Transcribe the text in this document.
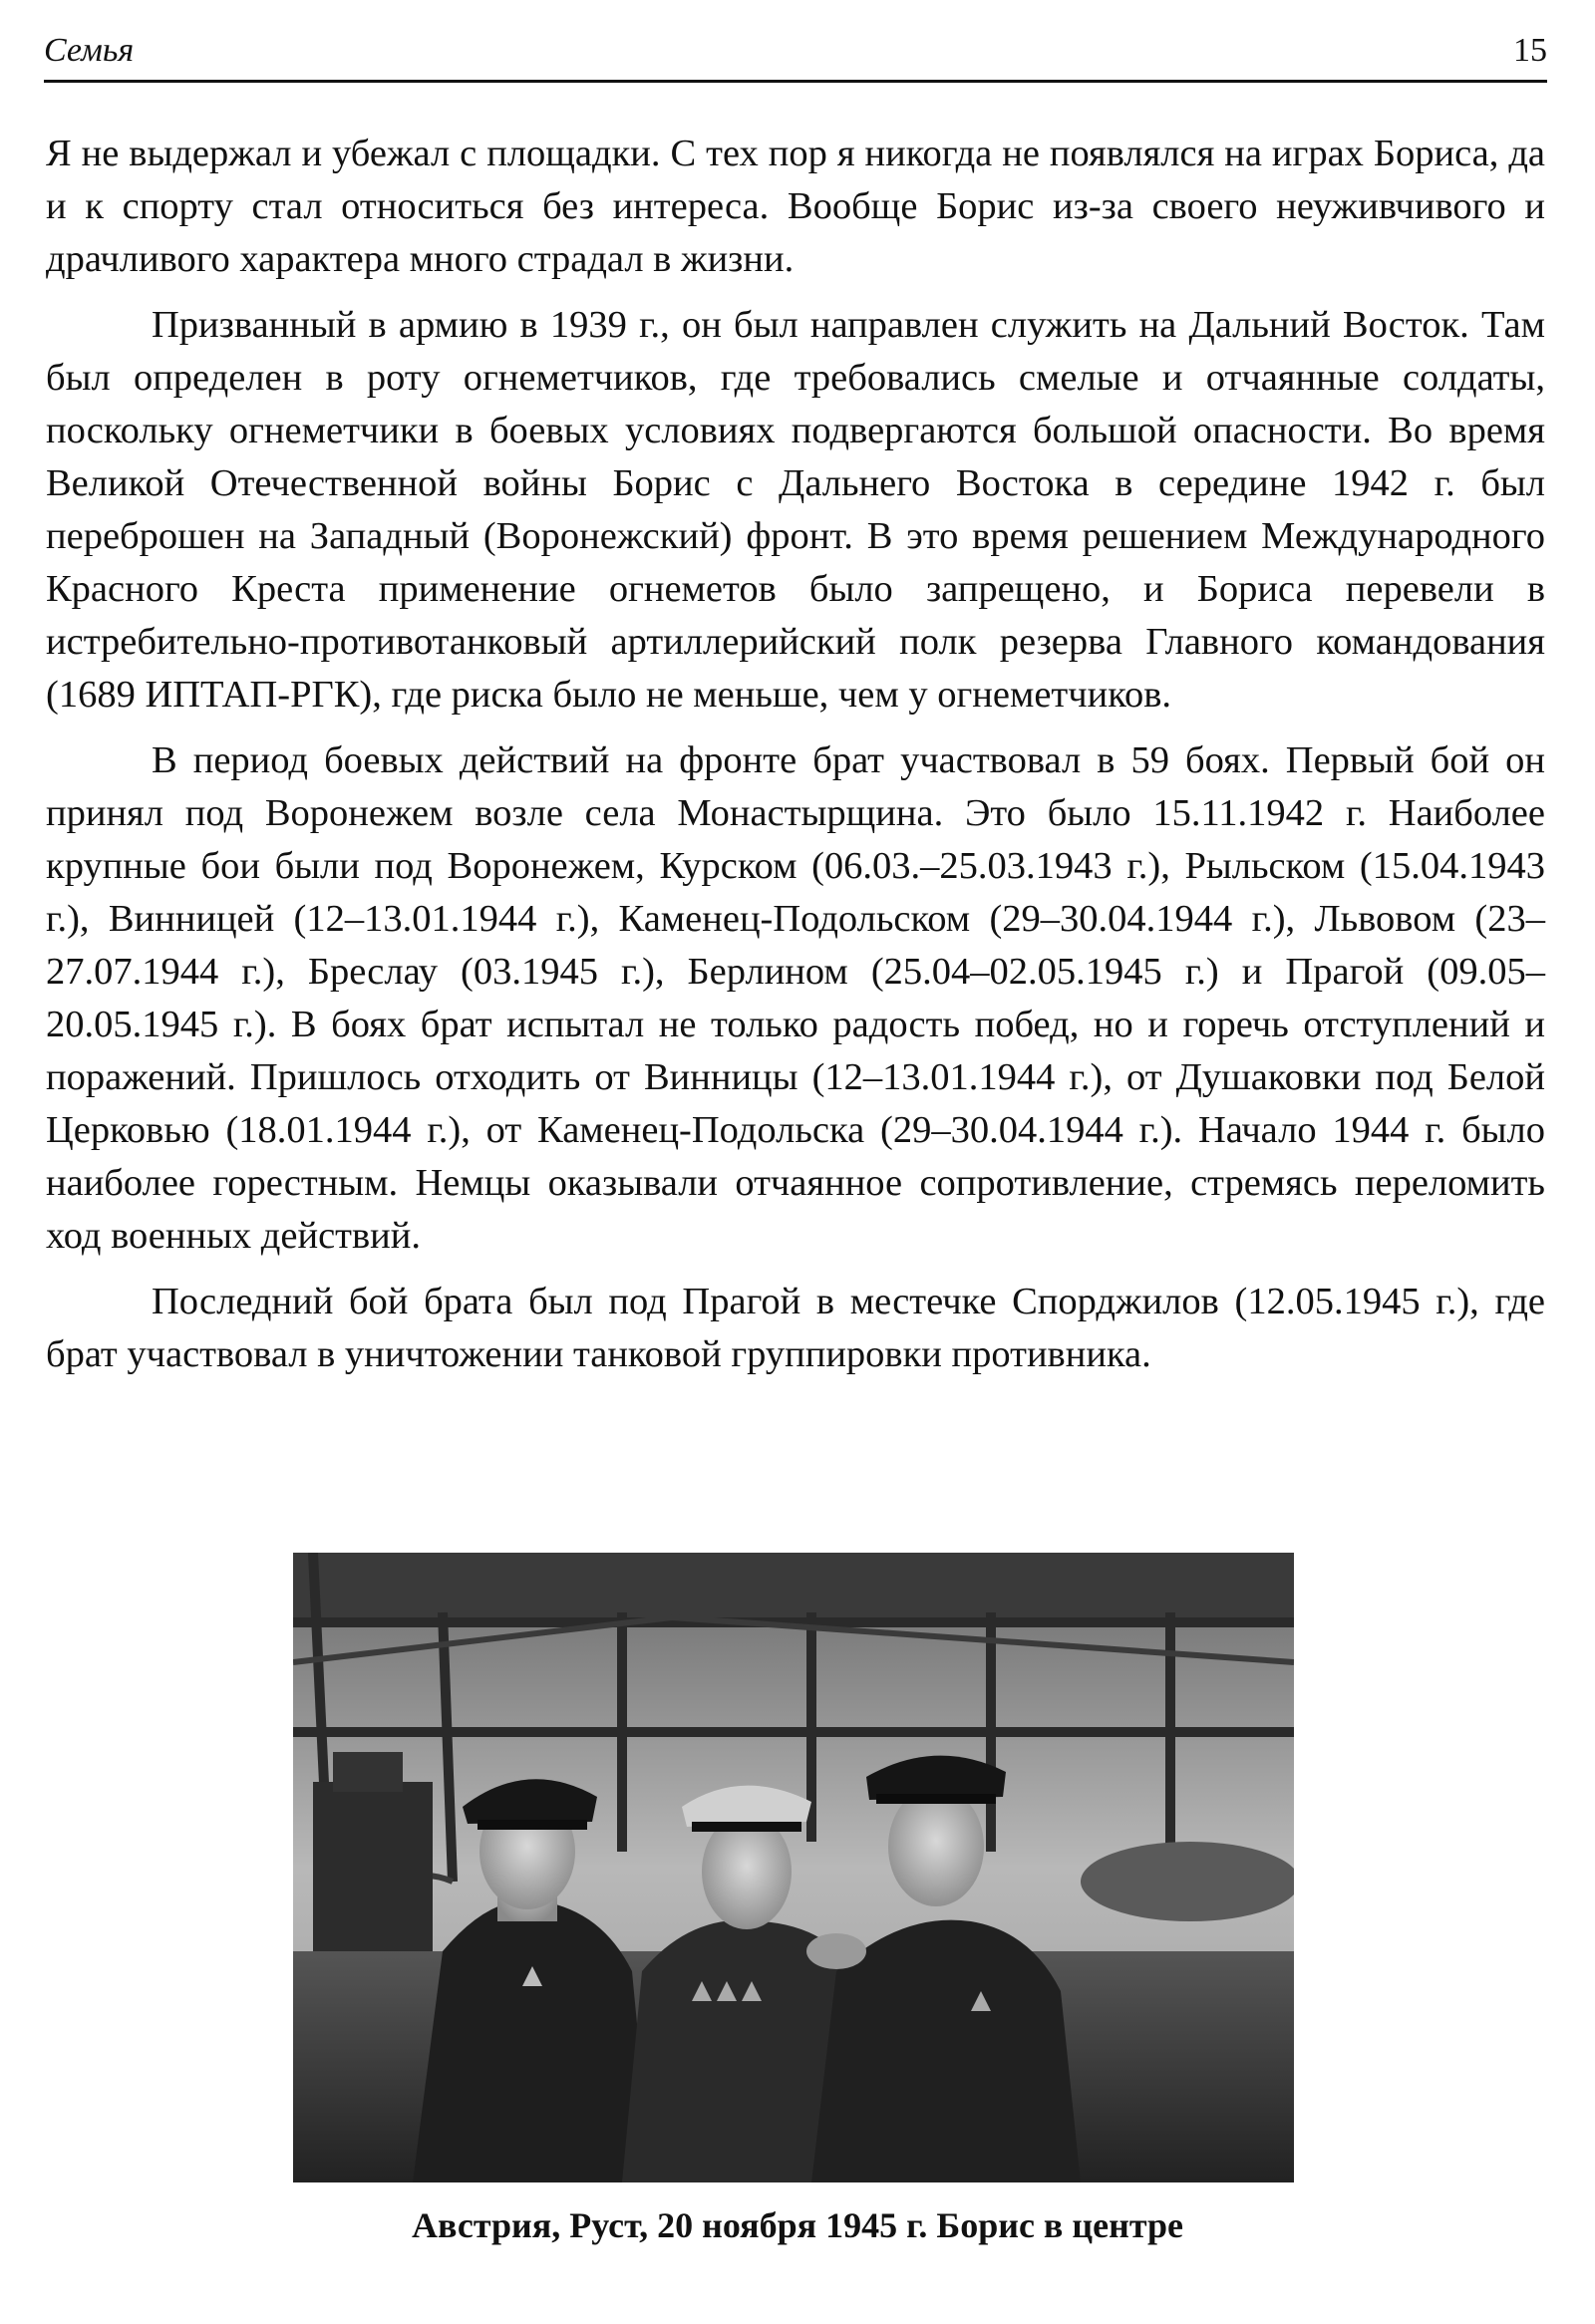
Семья	15

Я не выдержал и убежал с площадки. С тех пор я никогда не появлялся на играх Бориса, да и к спорту стал относиться без интереса. Вообще Борис из-за своего неуживчивого и драчливого характера много страдал в жизни.

Призванный в армию в 1939 г., он был направлен служить на Дальний Восток. Там был определен в роту огнеметчиков, где требовались смелые и отчаянные солдаты, поскольку огнеметчики в боевых условиях подвергаются большой опасности. Во время Великой Отечественной войны Борис с Дальнего Востока в середине 1942 г. был переброшен на Западный (Воронежский) фронт. В это время решением Международного Красного Креста применение огнеметов было запрещено, и Бориса перевели в истребительно-противотанковый артиллерийский полк резерва Главного командования (1689 ИПТАП-РГК), где риска было не меньше, чем у огнеметчиков.

В период боевых действий на фронте брат участвовал в 59 боях. Первый бой он принял под Воронежем возле села Монастырщина. Это было 15.11.1942 г. Наиболее крупные бои были под Воронежем, Курском (06.03.–25.03.1943 г.), Рыльском (15.04.1943 г.), Винницей (12–13.01.1944 г.), Каменец-Подольском (29–30.04.1944 г.), Львовом (23–27.07.1944 г.), Бреслау (03.1945 г.), Берлином (25.04–02.05.1945 г.) и Прагой (09.05–20.05.1945 г.). В боях брат испытал не только радость побед, но и горечь отступлений и поражений. Пришлось отходить от Винницы (12–13.01.1944 г.), от Душаковки под Белой Церковью (18.01.1944 г.), от Каменец-Подольска (29–30.04.1944 г.). Начало 1944 г. было наиболее горестным. Немцы оказывали отчаянное сопротивление, стремясь переломить ход военных действий.

Последний бой брата был под Прагой в местечке Спорджилов (12.05.1945 г.), где брат участвовал в уничтожении танковой группировки противника.

Австрия, Руст, 20 ноября 1945 г. Борис в центре
